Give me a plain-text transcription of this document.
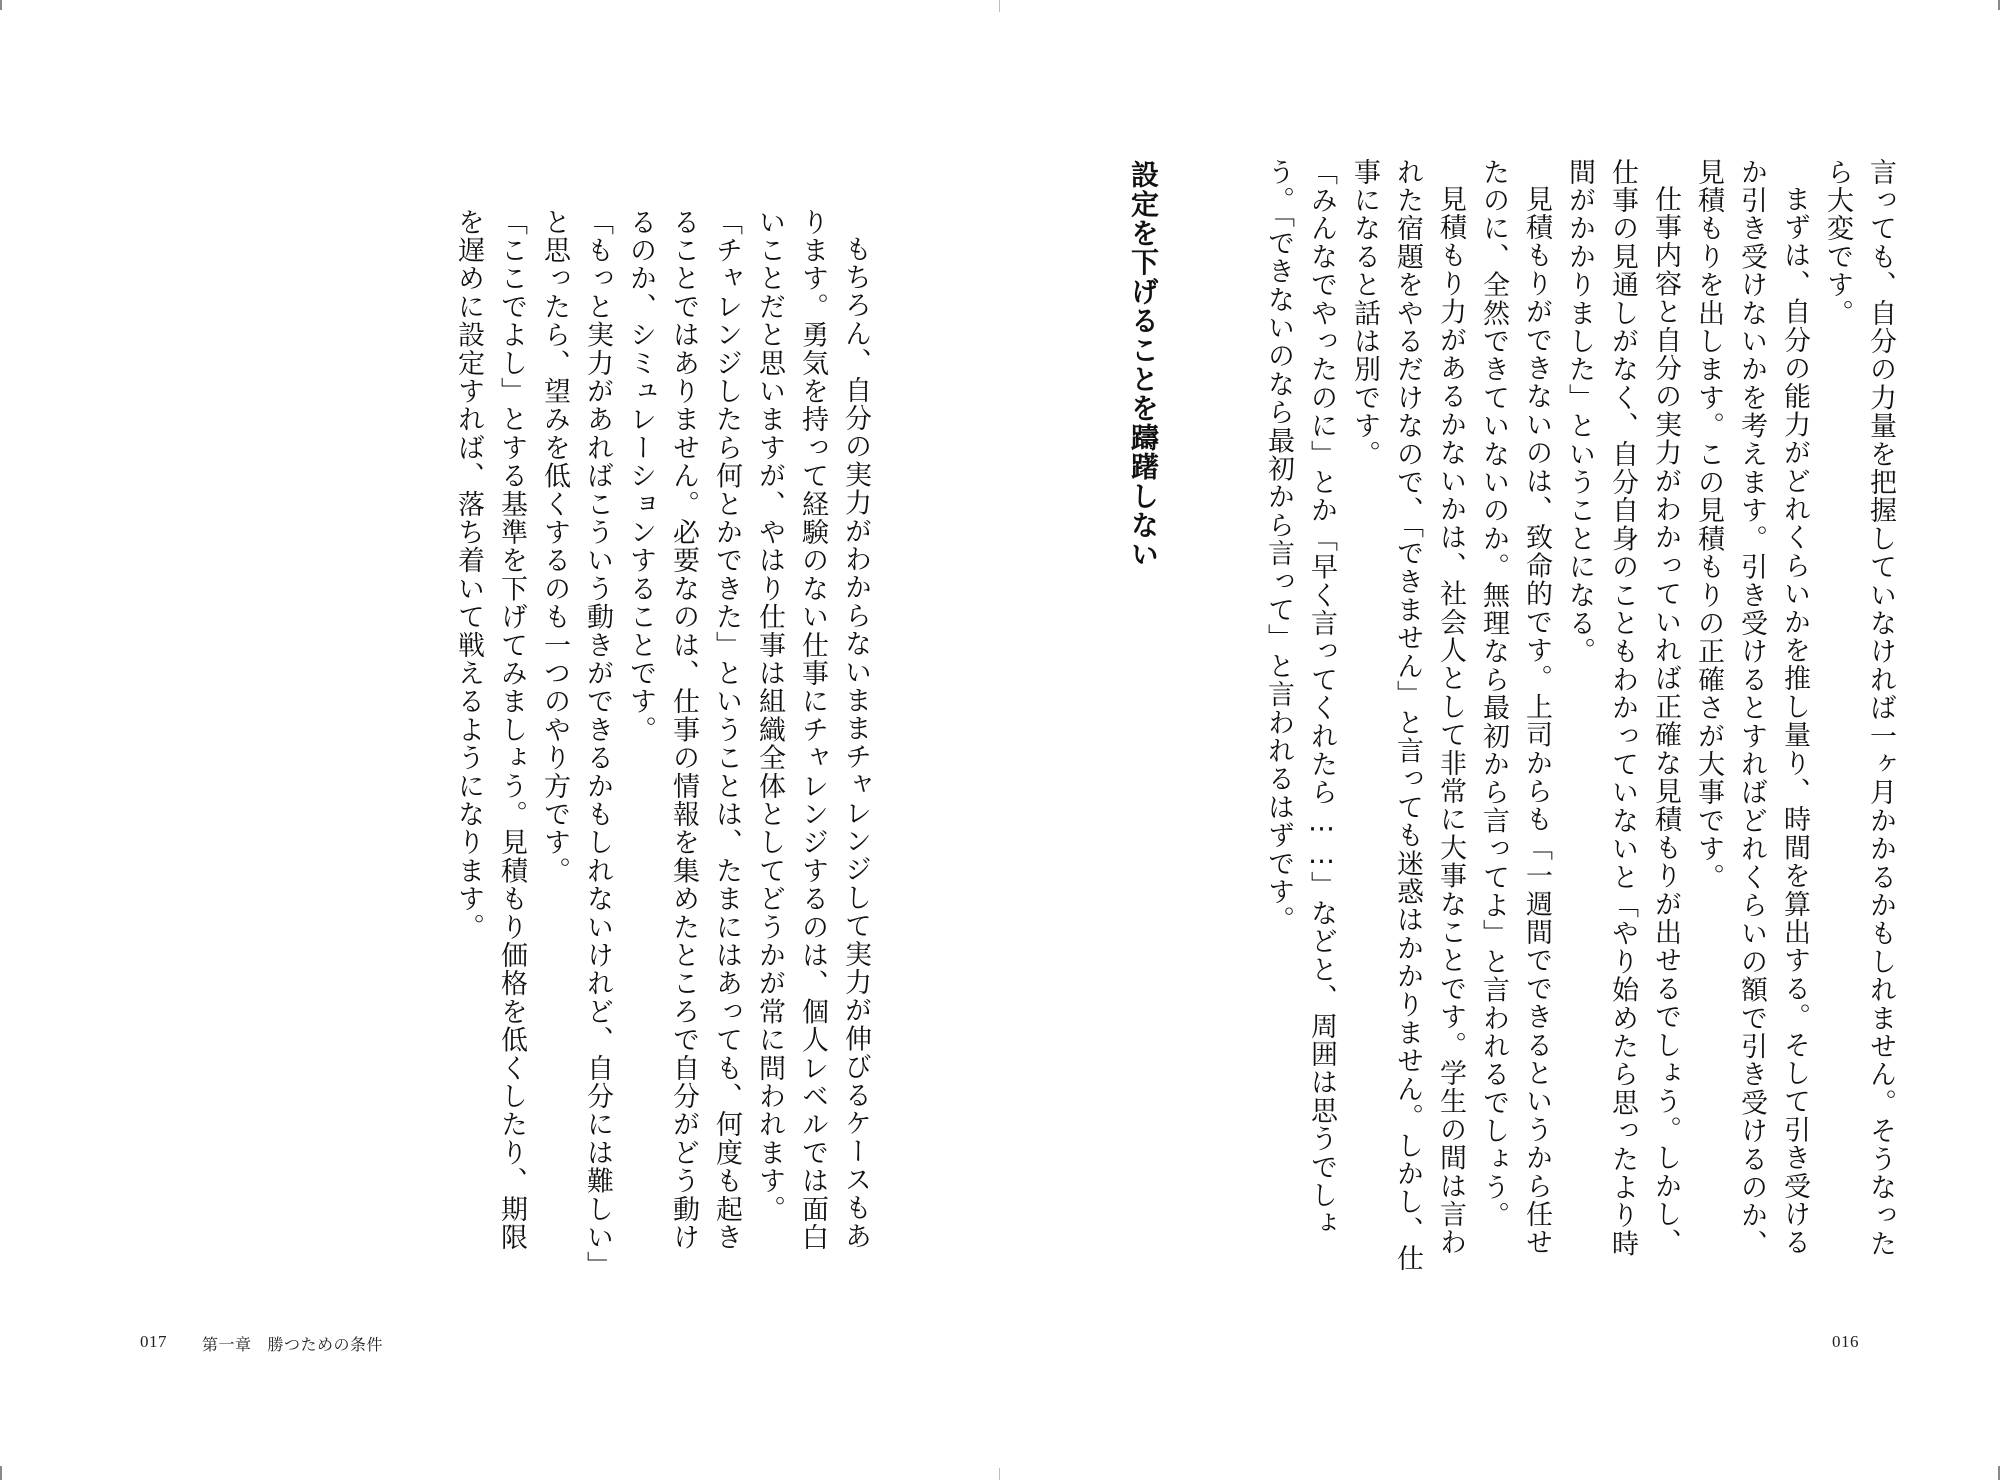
言っても、自分の力量を把握していなければ一ヶ月かかるかもしれません。そうなったら大変です。

まずは、自分の能力がどれくらいかを推し量り、時間を算出する。そして引き受けるか引き受けないかを考えます。引き受けるとすればどれくらいの額で引き受けるのか、見積もりを出します。この見積もりの正確さが大事です。

仕事内容と自分の実力がわかっていれば正確な見積もりが出せるでしょう。しかし、仕事の見通しがなく、自分自身のこともわかっていないと「やり始めたら思ったより時間がかかりました」ということになる。

見積もりができないのは、致命的です。上司からも「一週間でできるというから任せたのに、全然できていないのか。無理なら最初から言ってよ」と言われるでしょう。

見積もり力があるかないかは、社会人として非常に大事なことです。学生の間は言われた宿題をやるだけなので、「できません」と言っても迷惑はかかりません。しかし、仕事になると話は別です。

「みんなでやったのに」とか「早く言ってくれたら……」などと、周囲は思うでしょう。「できないのなら最初から言って」と言われるはずです。

016

設定を下げることを躊躇しない

もちろん、自分の実力がわからないままチャレンジして実力が伸びるケースもあります。勇気を持って経験のない仕事にチャレンジするのは、個人レベルでは面白いことだと思いますが、やはり仕事は組織全体としてどうかが常に問われます。

「チャレンジしたら何とかできた」ということは、たまにはあっても、何度も起きることではありません。必要なのは、仕事の情報を集めたところで自分がどう動けるのか、シミュレーションすることです。

「もっと実力があればこういう動きができるかもしれないけれど、自分には難しい」と思ったら、望みを低くするのも一つのやり方です。

「ここでよし」とする基準を下げてみましょう。見積もり価格を低くしたり、期限を遅めに設定すれば、落ち着いて戦えるようになります。

017 第一章 勝つための条件
